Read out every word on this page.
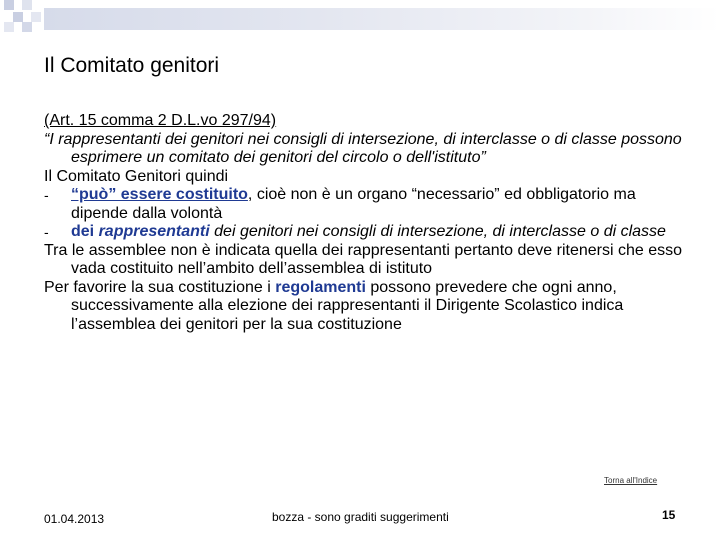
Il Comitato genitori

(Art. 15 comma 2 D.L.vo 297/94)

“I rappresentanti dei genitori nei consigli di intersezione, di interclasse o di classe possono esprimere un comitato dei genitori del circolo o dell'istituto”

Il Comitato Genitori quindi

- “può” essere costituito, cioè non è un organo “necessario” ed obbligatorio ma dipende dalla volontà

- dei rappresentanti dei genitori nei consigli di intersezione, di interclasse o di classe

Tra le assemblee non è indicata quella dei rappresentanti pertanto deve ritenersi che esso vada costituito nell’ambito dell’assemblea di istituto

Per favorire la sua costituzione i regolamenti possono prevedere che ogni anno, successivamente alla elezione dei rappresentanti il Dirigente Scolastico indica l’assemblea dei genitori per la sua costituzione

Torna all'Indice
01.04.2013	bozza - sono graditi suggerimenti	15
